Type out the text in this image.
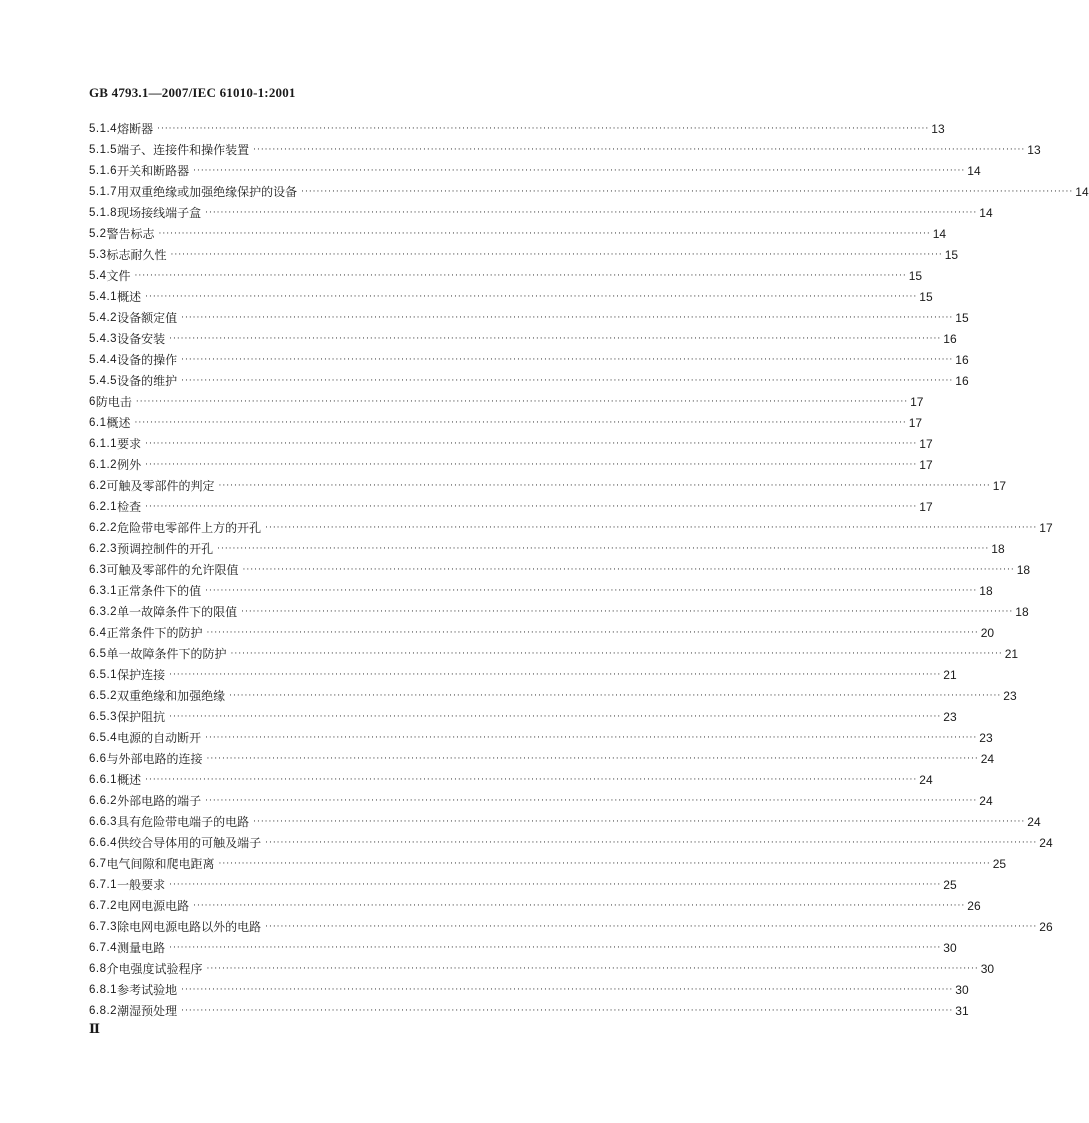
GB 4793.1—2007/IEC 61010-1:2001
5.1.4 熔断器 ········································································································································································································ 13
5.1.5 端子、连接件和操作装置 ········································································································································································································ 13
5.1.6 开关和断路器 ········································································································································································································ 14
5.1.7 用双重绝缘或加强绝缘保护的设备 ········································································································································································································ 14
5.1.8 现场接线端子盒 ········································································································································································································ 14
5.2 警告标志 ········································································································································································································ 14
5.3 标志耐久性 ········································································································································································································ 15
5.4 文件 ········································································································································································································ 15
5.4.1 概述 ········································································································································································································ 15
5.4.2 设备额定值 ········································································································································································································ 15
5.4.3 设备安装 ········································································································································································································ 16
5.4.4 设备的操作 ········································································································································································································ 16
5.4.5 设备的维护 ········································································································································································································ 16
6 防电击 ········································································································································································································ 17
6.1 概述 ········································································································································································································ 17
6.1.1 要求 ········································································································································································································ 17
6.1.2 例外 ········································································································································································································ 17
6.2 可触及零部件的判定 ········································································································································································································ 17
6.2.1 检查 ········································································································································································································ 17
6.2.2 危险带电零部件上方的开孔 ········································································································································································································ 17
6.2.3 预调控制件的开孔 ········································································································································································································ 18
6.3 可触及零部件的允许限值 ········································································································································································································ 18
6.3.1 正常条件下的值 ········································································································································································································ 18
6.3.2 单一故障条件下的限值 ········································································································································································································ 18
6.4 正常条件下的防护 ········································································································································································································ 20
6.5 单一故障条件下的防护 ········································································································································································································ 21
6.5.1 保护连接 ········································································································································································································ 21
6.5.2 双重绝缘和加强绝缘 ········································································································································································································ 23
6.5.3 保护阻抗 ········································································································································································································ 23
6.5.4 电源的自动断开 ········································································································································································································ 23
6.6 与外部电路的连接 ········································································································································································································ 24
6.6.1 概述 ········································································································································································································ 24
6.6.2 外部电路的端子 ········································································································································································································ 24
6.6.3 具有危险带电端子的电路 ········································································································································································································ 24
6.6.4 供绞合导体用的可触及端子 ········································································································································································································ 24
6.7 电气间隙和爬电距离 ········································································································································································································ 25
6.7.1 一般要求 ········································································································································································································ 25
6.7.2 电网电源电路 ········································································································································································································ 26
6.7.3 除电网电源电路以外的电路 ········································································································································································································ 26
6.7.4 测量电路 ········································································································································································································ 30
6.8 介电强度试验程序 ········································································································································································································ 30
6.8.1 参考试验地 ········································································································································································································ 30
6.8.2 潮湿预处理 ········································································································································································································ 31
Ⅱ
